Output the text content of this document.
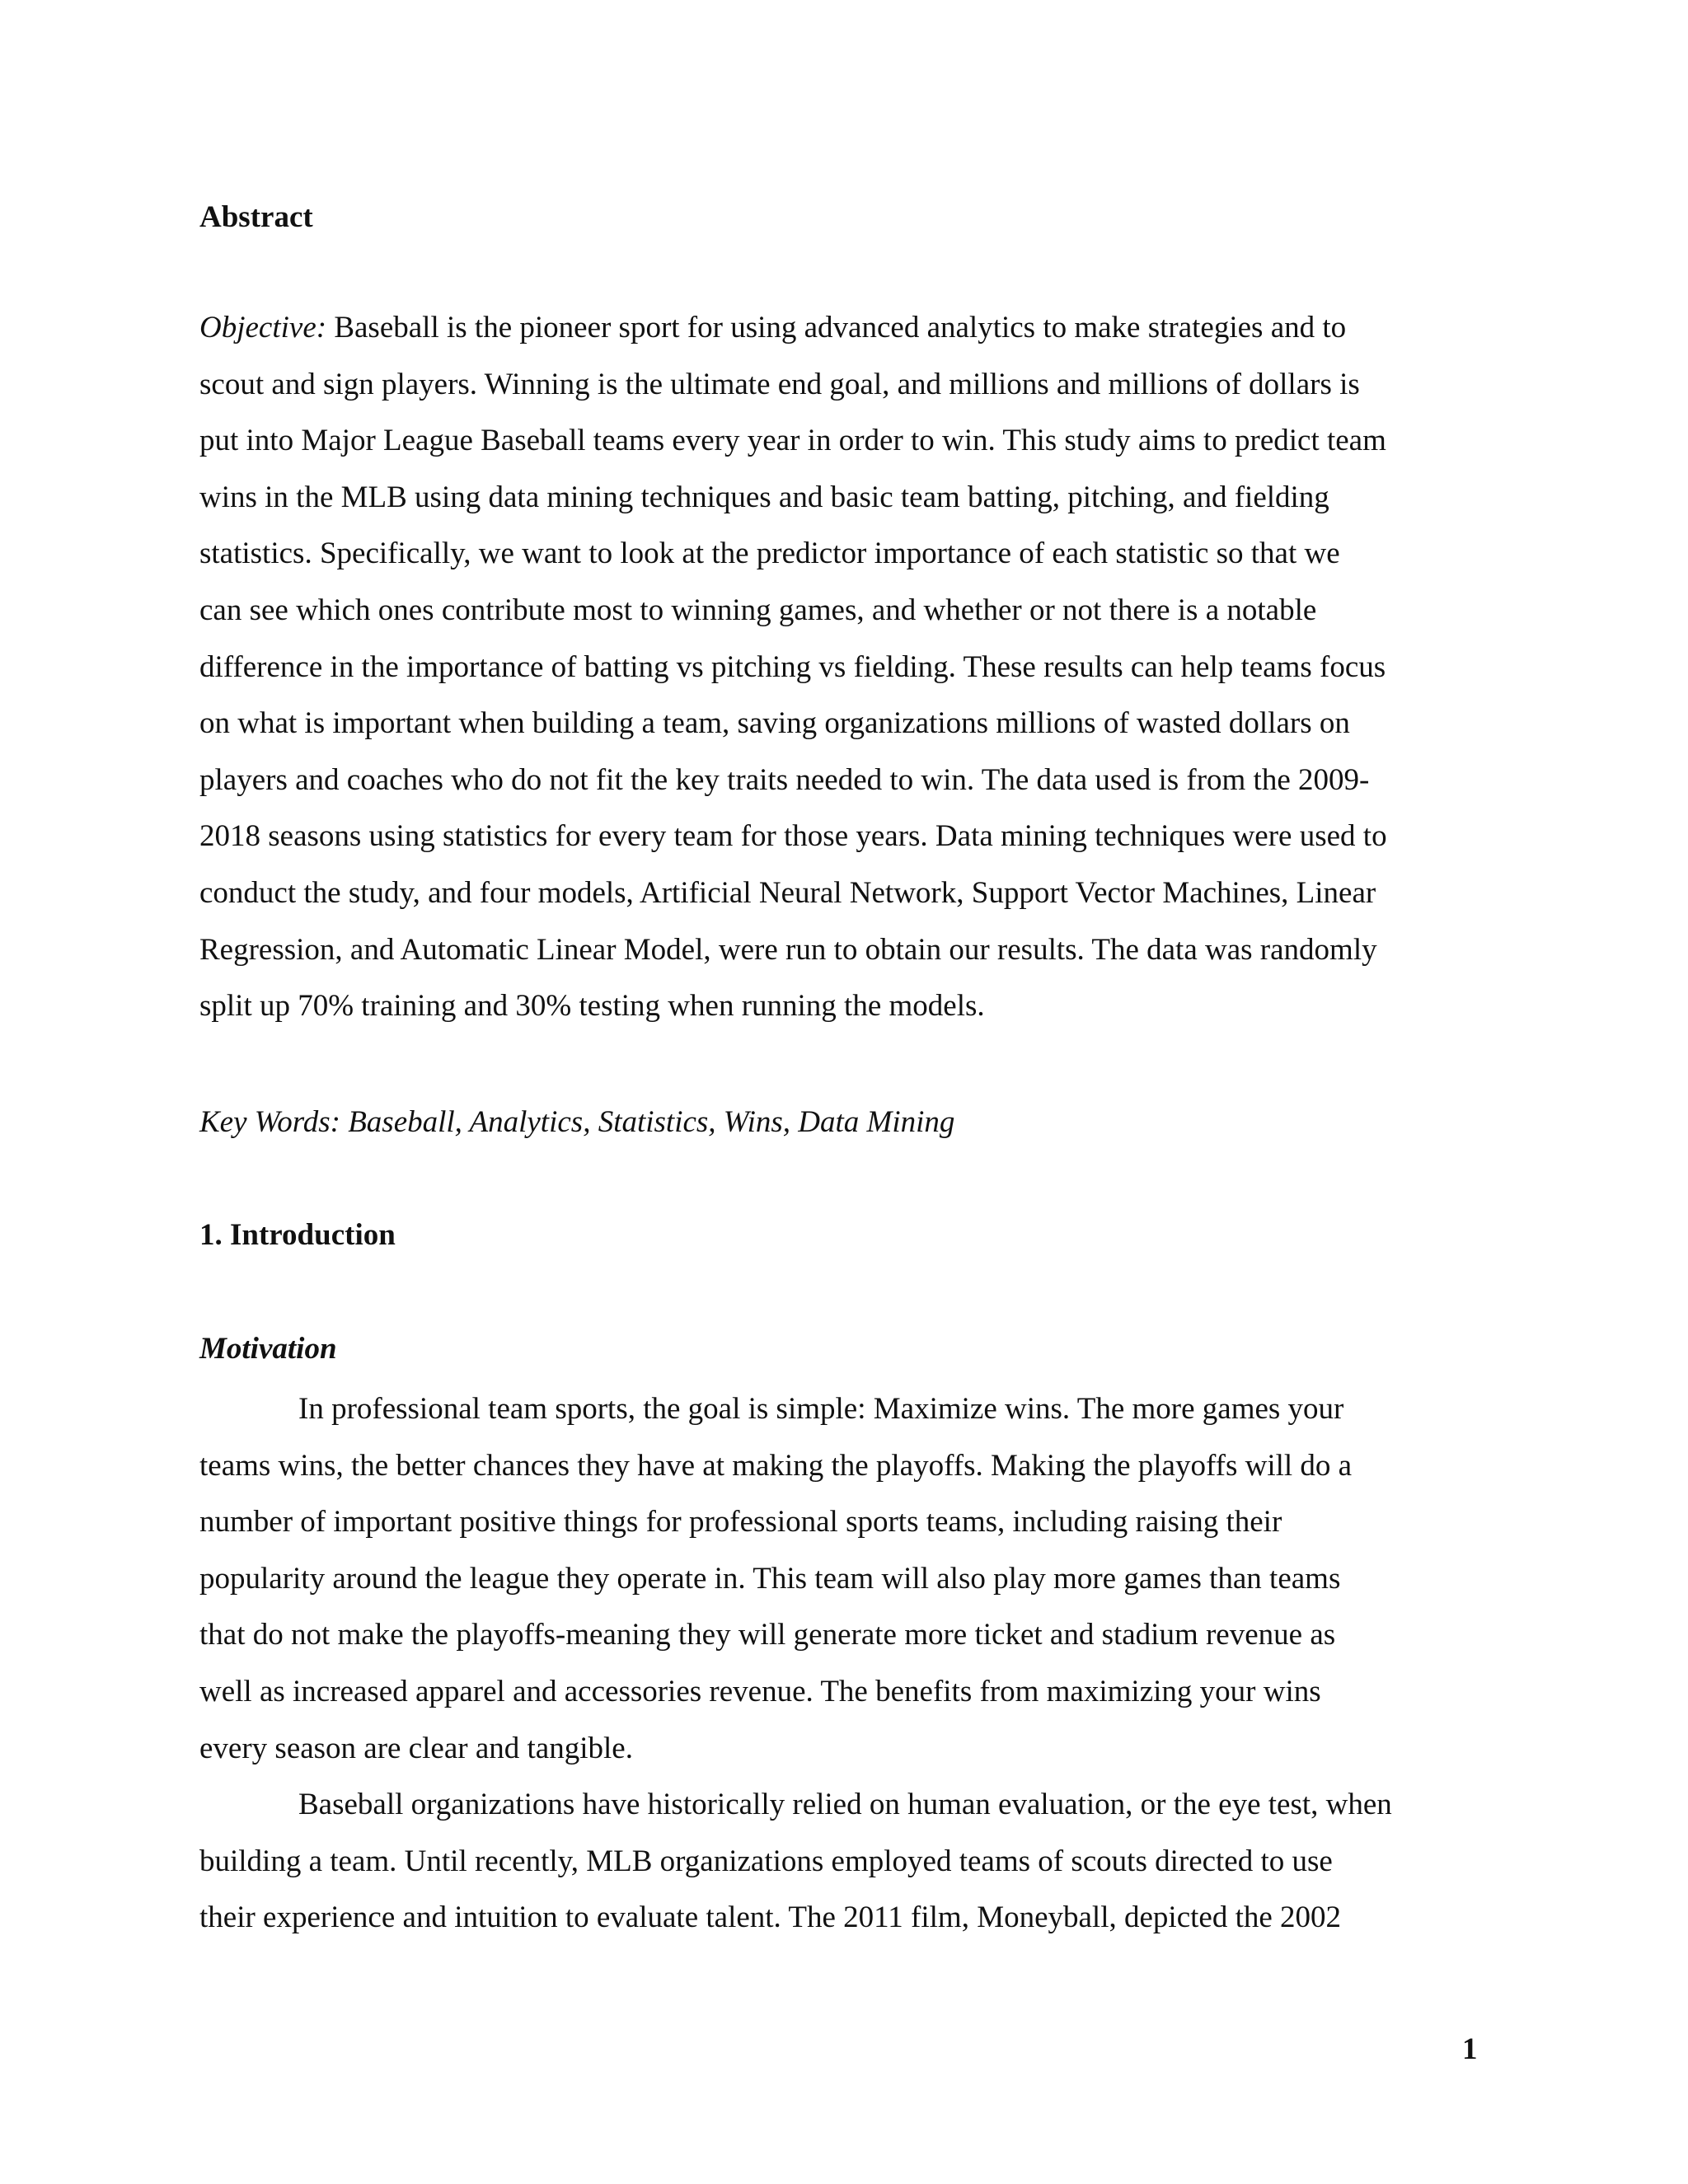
Abstract
Objective: Baseball is the pioneer sport for using advanced analytics to make strategies and to
scout and sign players. Winning is the ultimate end goal, and millions and millions of dollars is
put into Major League Baseball teams every year in order to win. This study aims to predict team
wins in the MLB using data mining techniques and basic team batting, pitching, and fielding
statistics. Specifically, we want to look at the predictor importance of each statistic so that we
can see which ones contribute most to winning games, and whether or not there is a notable
difference in the importance of batting vs pitching vs fielding. These results can help teams focus
on what is important when building a team, saving organizations millions of wasted dollars on
players and coaches who do not fit the key traits needed to win. The data used is from the 2009-
2018 seasons using statistics for every team for those years. Data mining techniques were used to
conduct the study, and four models, Artificial Neural Network, Support Vector Machines, Linear
Regression, and Automatic Linear Model, were run to obtain our results. The data was randomly
split up 70% training and 30% testing when running the models.
Key Words: Baseball, Analytics, Statistics, Wins, Data Mining
1. Introduction
Motivation
In professional team sports, the goal is simple: Maximize wins. The more games your
teams wins, the better chances they have at making the playoffs. Making the playoffs will do a
number of important positive things for professional sports teams, including raising their
popularity around the league they operate in. This team will also play more games than teams
that do not make the playoffs-meaning they will generate more ticket and stadium revenue as
well as increased apparel and accessories revenue. The benefits from maximizing your wins
every season are clear and tangible.
Baseball organizations have historically relied on human evaluation, or the eye test, when
building a team. Until recently, MLB organizations employed teams of scouts directed to use
their experience and intuition to evaluate talent. The 2011 film, Moneyball, depicted the 2002
1
